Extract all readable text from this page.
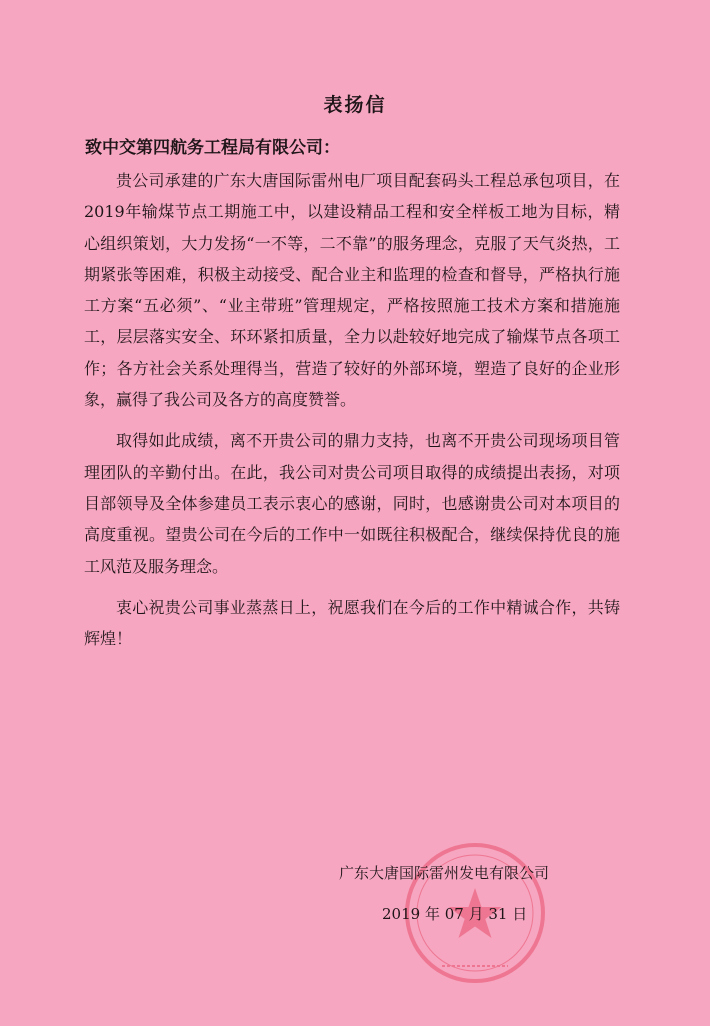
表扬信
致中交第四航务工程局有限公司：

贵公司承建的广东大唐国际雷州电厂项目配套码头工程总承包项目，在2019年输煤节点工期施工中，以建设精品工程和安全样板工地为目标，精心组织策划，大力发扬“一不等，二不靠”的服务理念，克服了天气炎热，工期紧张等困难，积极主动接受、配合业主和监理的检查和督导，严格执行施工方案“五必须”、“业主带班”管理规定，严格按照施工技术方案和措施施工，层层落实安全、环环紧扣质量，全力以赴较好地完成了输煤节点各项工作；各方社会关系处理得当，营造了较好的外部环境，塑造了良好的企业形象，赢得了我公司及各方的高度赞誉。

取得如此成绩，离不开贵公司的鼎力支持，也离不开贵公司现场项目管理团队的辛勤付出。在此，我公司对贵公司项目取得的成绩提出表扬，对项目部领导及全体参建员工表示衷心的感谢，同时，也感谢贵公司对本项目的高度重视。望贵公司在今后的工作中一如既往积极配合，继续保持优良的施工风范及服务理念。

衷心祝贵公司事业蒸蒸日上，祝愿我们在今后的工作中精诚合作，共铸辉煌！

广东大唐国际雷州发电有限公司
2019 年 07 月 31 日
